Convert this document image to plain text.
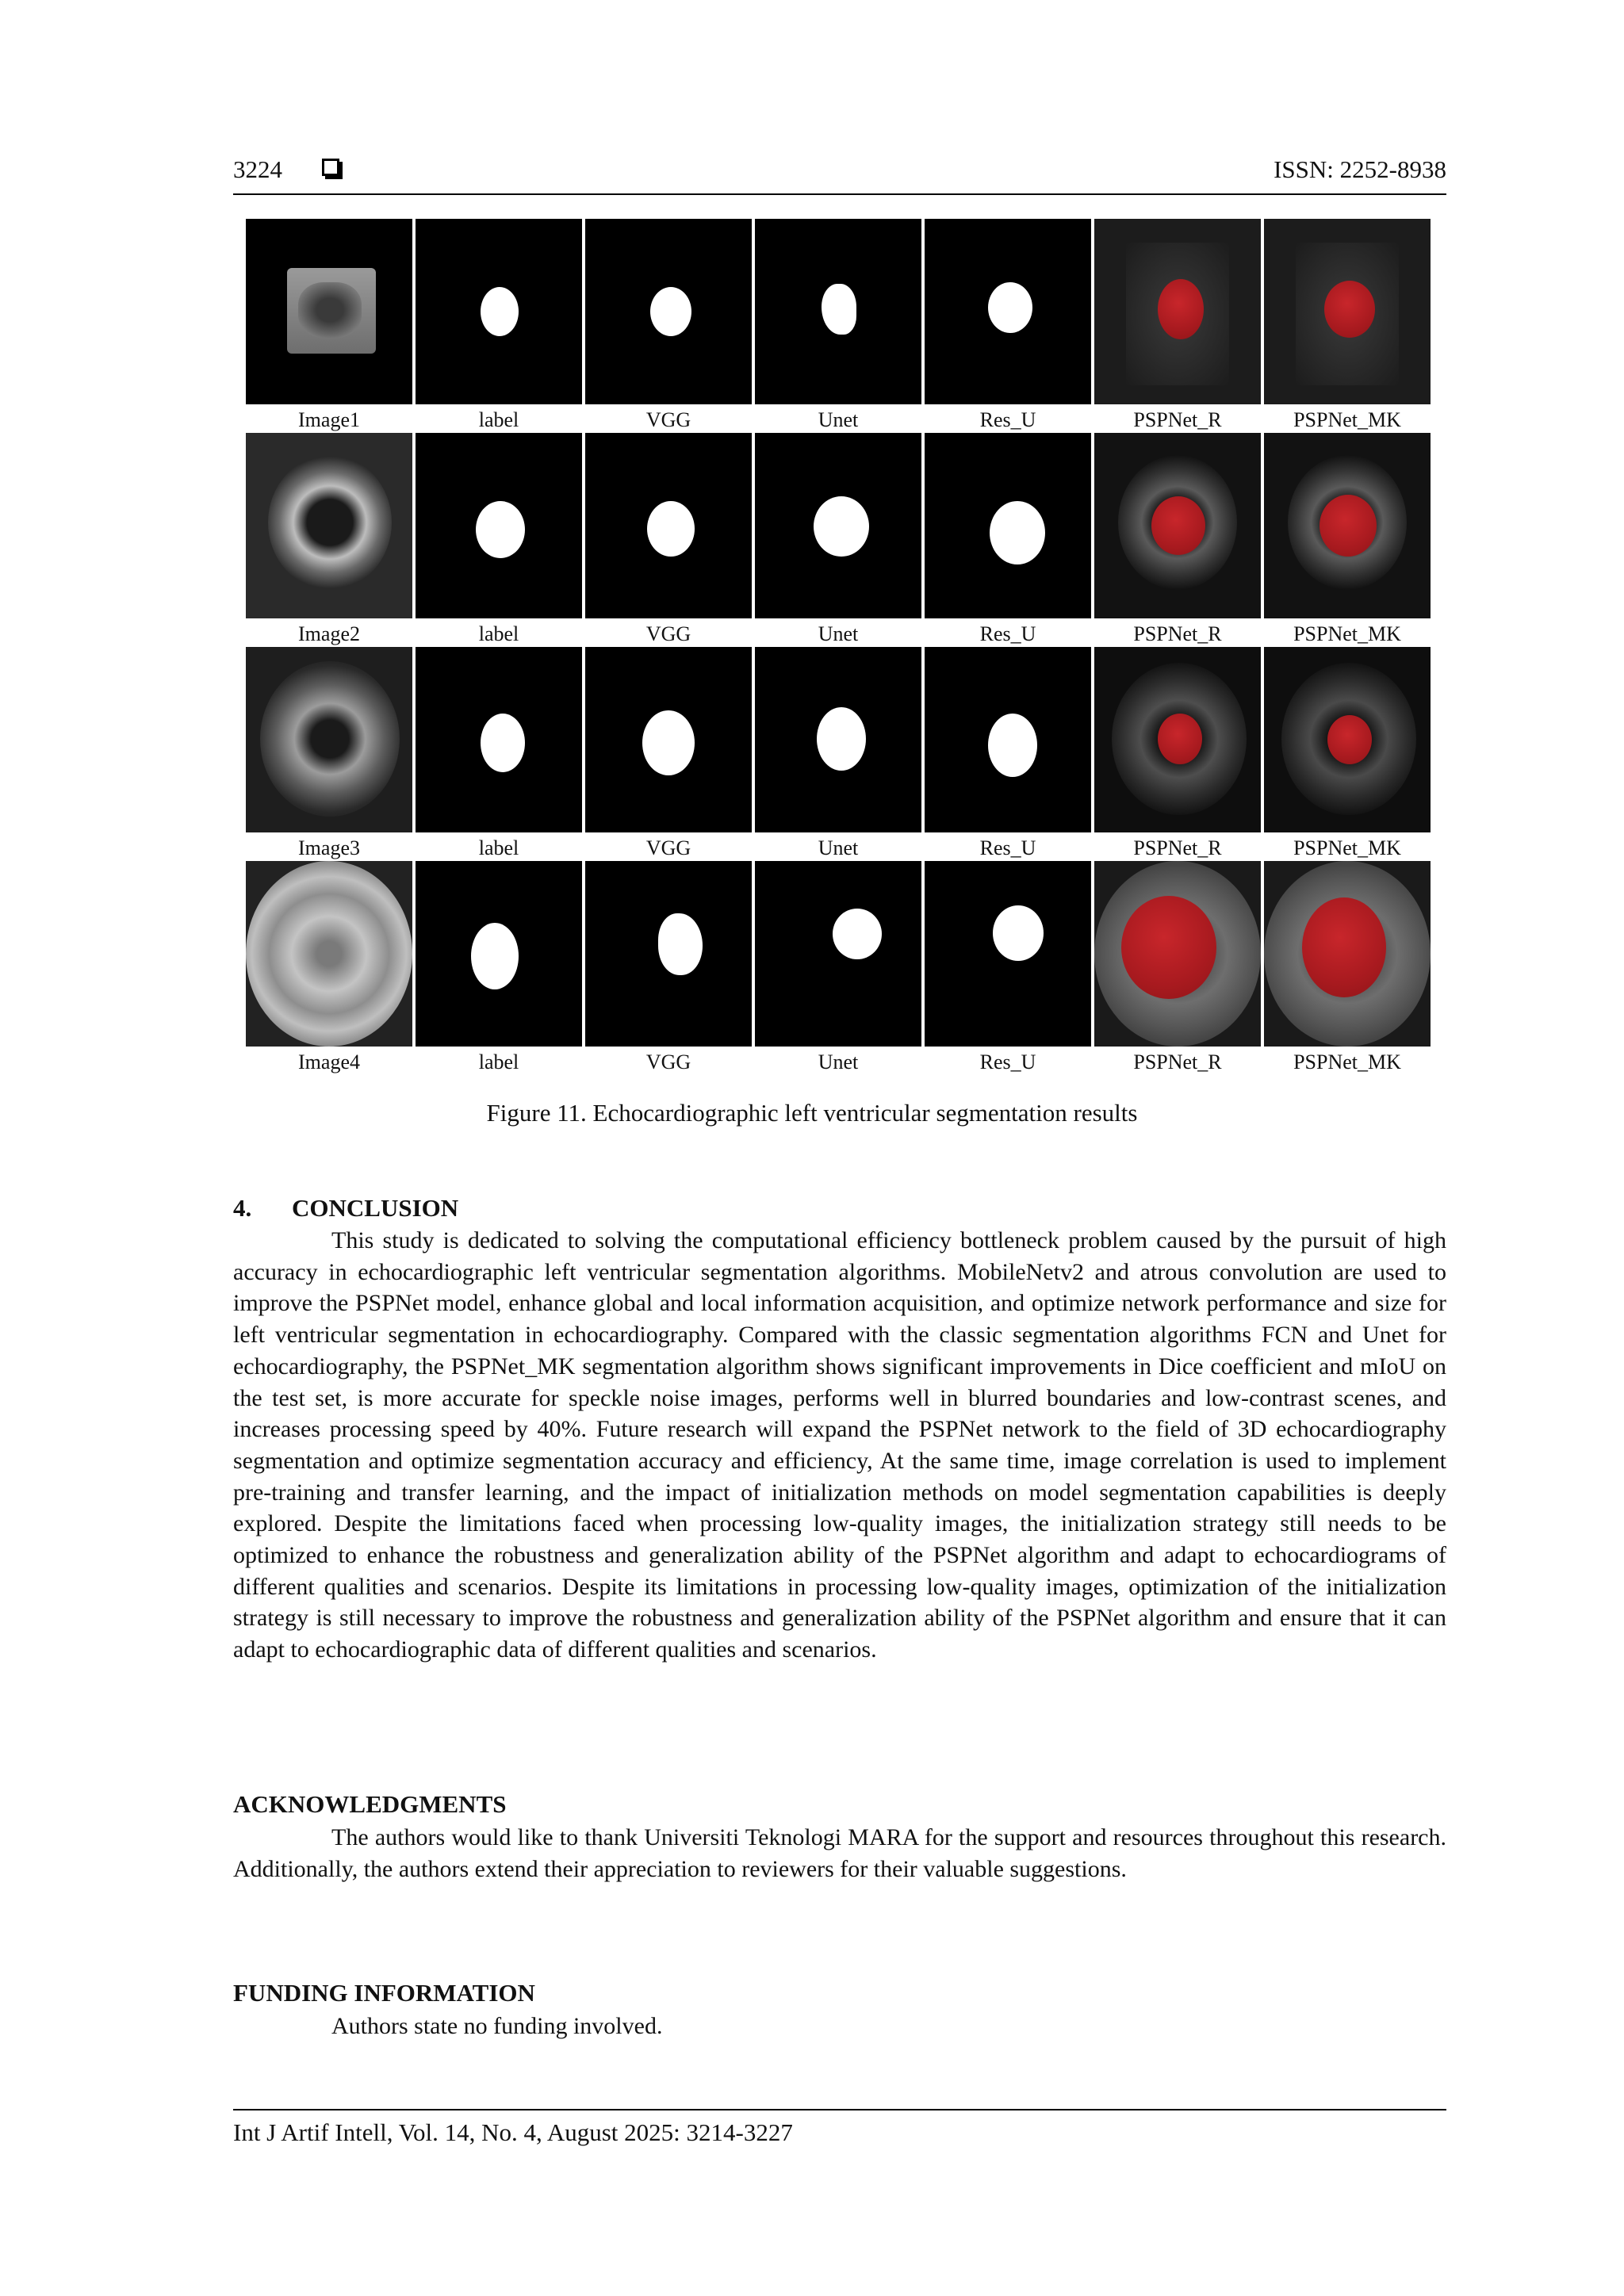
3224	ISSN: 2252-8938
Image1	label	VGG	Unet	Res_U	PSPNet_R	PSPNet_MK
Image2	label	VGG	Unet	Res_U	PSPNet_R	PSPNet_MK
Image3	label	VGG	Unet	Res_U	PSPNet_R	PSPNet_MK
Image4	label	VGG	Unet	Res_U	PSPNet_R	PSPNet_MK
Figure 11. Echocardiographic left ventricular segmentation results
4. CONCLUSION

This study is dedicated to solving the computational efficiency bottleneck problem caused by the pursuit of high accuracy in echocardiographic left ventricular segmentation algorithms. MobileNetv2 and atrous convolution are used to improve the PSPNet model, enhance global and local information acquisition, and optimize network performance and size for left ventricular segmentation in echocardiography. Compared with the classic segmentation algorithms FCN and Unet for echocardiography, the PSPNet_MK segmentation algorithm shows significant improvements in Dice coefficient and mIoU on the test set, is more accurate for speckle noise images, performs well in blurred boundaries and low-contrast scenes, and increases processing speed by 40%. Future research will expand the PSPNet network to the field of 3D echocardiography segmentation and optimize segmentation accuracy and efficiency, At the same time, image correlation is used to implement pre-training and transfer learning, and the impact of initialization methods on model segmentation capabilities is deeply explored. Despite the limitations faced when processing low-quality images, the initialization strategy still needs to be optimized to enhance the robustness and generalization ability of the PSPNet algorithm and adapt to echocardiograms of different qualities and scenarios. Despite its limitations in processing low-quality images, optimization of the initialization strategy is still necessary to improve the robustness and generalization ability of the PSPNet algorithm and ensure that it can adapt to echocardiographic data of different qualities and scenarios.

ACKNOWLEDGMENTS

The authors would like to thank Universiti Teknologi MARA for the support and resources throughout this research. Additionally, the authors extend their appreciation to reviewers for their valuable suggestions.

FUNDING INFORMATION

Authors state no funding involved.

Int J Artif Intell, Vol. 14, No. 4, August 2025: 3214-3227
